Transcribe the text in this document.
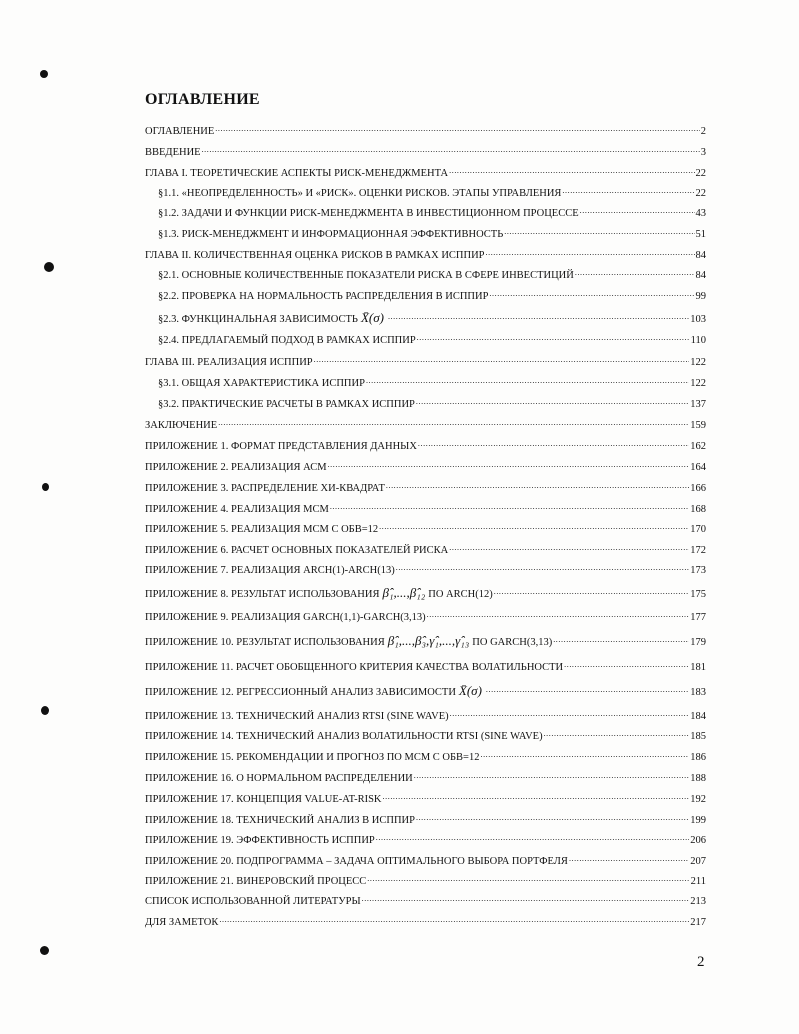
ОГЛАВЛЕНИЕ
ОГЛАВЛЕНИЕ .....	2
ВВЕДЕНИЕ .....	3
ГЛАВА I. ТЕОРЕТИЧЕСКИЕ АСПЕКТЫ РИСК-МЕНЕДЖМЕНТА .....	22
§1.1. «НЕОПРЕДЕЛЕННОСТЬ» И «РИСК». ОЦЕНКИ РИСКОВ. ЭТАПЫ УПРАВЛЕНИЯ .....	22
§1.2. ЗАДАЧИ И ФУНКЦИИ РИСК-МЕНЕДЖМЕНТА В ИНВЕСТИЦИОННОМ ПРОЦЕССЕ .....	43
§1.3. РИСК-МЕНЕДЖМЕНТ И ИНФОРМАЦИОННАЯ ЭФФЕКТИВНОСТЬ .....	51
ГЛАВА II. КОЛИЧЕСТВЕННАЯ ОЦЕНКА РИСКОВ В РАМКАХ ИСППИР .....	84
§2.1. ОСНОВНЫЕ КОЛИЧЕСТВЕННЫЕ ПОКАЗАТЕЛИ РИСКА В СФЕРЕ ИНВЕСТИЦИЙ .....	84
§2.2. ПРОВЕРКА НА НОРМАЛЬНОСТЬ РАСПРЕДЕЛЕНИЯ В ИСППИР .....	99
§2.3. ФУНКЦИНАЛЬНАЯ ЗАВИСИМОСТЬ X̄(σ) .....	103
§2.4. ПРЕДЛАГАЕМЫЙ ПОДХОД В РАМКАХ ИСППИР .....	110
ГЛАВА III. РЕАЛИЗАЦИЯ ИСППИР .....	122
§3.1. ОБЩАЯ ХАРАКТЕРИСТИКА ИСППИР .....	122
§3.2. ПРАКТИЧЕСКИЕ РАСЧЕТЫ В РАМКАХ ИСППИР .....	137
ЗАКЛЮЧЕНИЕ .....	159
ПРИЛОЖЕНИЕ 1. ФОРМАТ ПРЕДСТАВЛЕНИЯ ДАННЫХ .....	162
ПРИЛОЖЕНИЕ 2. РЕАЛИЗАЦИЯ АСМ .....	164
ПРИЛОЖЕНИЕ 3. РАСПРЕДЕЛЕНИЕ ХИ-КВАДРАТ .....	166
ПРИЛОЖЕНИЕ 4. РЕАЛИЗАЦИЯ МСМ .....	168
ПРИЛОЖЕНИЕ 5. РЕАЛИЗАЦИЯ МСМ С ОБВ=12 .....	170
ПРИЛОЖЕНИЕ 6. РАСЧЕТ ОСНОВНЫХ ПОКАЗАТЕЛЕЙ РИСКА .....	172
ПРИЛОЖЕНИЕ 7. РЕАЛИЗАЦИЯ ARCH(1)-ARCH(13) .....	173
ПРИЛОЖЕНИЕ 8. РЕЗУЛЬТАТ ИСПОЛЬЗОВАНИЯ β̂₁,...,β̂₁₂ ПО ARCH(12) .....	175
ПРИЛОЖЕНИЕ 9. РЕАЛИЗАЦИЯ GARCH(1,1)-GARCH(3,13) .....	177
ПРИЛОЖЕНИЕ 10. РЕЗУЛЬТАТ ИСПОЛЬЗОВАНИЯ β̂₁,...,β̂₃,γ̂₁,...,γ̂₁₃ ПО GARCH(3,13) .....	179
ПРИЛОЖЕНИЕ 11. РАСЧЕТ ОБОБЩЕННОГО КРИТЕРИЯ КАЧЕСТВА ВОЛАТИЛЬНОСТИ .....	181
ПРИЛОЖЕНИЕ 12. РЕГРЕССИОННЫЙ АНАЛИЗ ЗАВИСИМОСТИ X̄(σ) .....	183
ПРИЛОЖЕНИЕ 13. ТЕХНИЧЕСКИЙ АНАЛИЗ RTSI (SINE WAVE) .....	184
ПРИЛОЖЕНИЕ 14. ТЕХНИЧЕСКИЙ АНАЛИЗ ВОЛАТИЛЬНОСТИ RTSI (SINE WAVE) .....	185
ПРИЛОЖЕНИЕ 15. РЕКОМЕНДАЦИИ И ПРОГНОЗ ПО МСМ С ОБВ=12 .....	186
ПРИЛОЖЕНИЕ 16. О НОРМАЛЬНОМ РАСПРЕДЕЛЕНИИ .....	188
ПРИЛОЖЕНИЕ 17. КОНЦЕПЦИЯ VALUE-AT-RISK .....	192
ПРИЛОЖЕНИЕ 18. ТЕХНИЧЕСКИЙ АНАЛИЗ В ИСППИР .....	199
ПРИЛОЖЕНИЕ 19. ЭФФЕКТИВНОСТЬ ИСППИР .....	206
ПРИЛОЖЕНИЕ 20. ПОДПРОГРАММА – ЗАДАЧА ОПТИМАЛЬНОГО ВЫБОРА ПОРТФЕЛЯ .....	207
ПРИЛОЖЕНИЕ 21. ВИНЕРОВСКИЙ ПРОЦЕСС .....	211
СПИСОК ИСПОЛЬЗОВАННОЙ ЛИТЕРАТУРЫ .....	213
ДЛЯ ЗАМЕТОК .....	217
2
